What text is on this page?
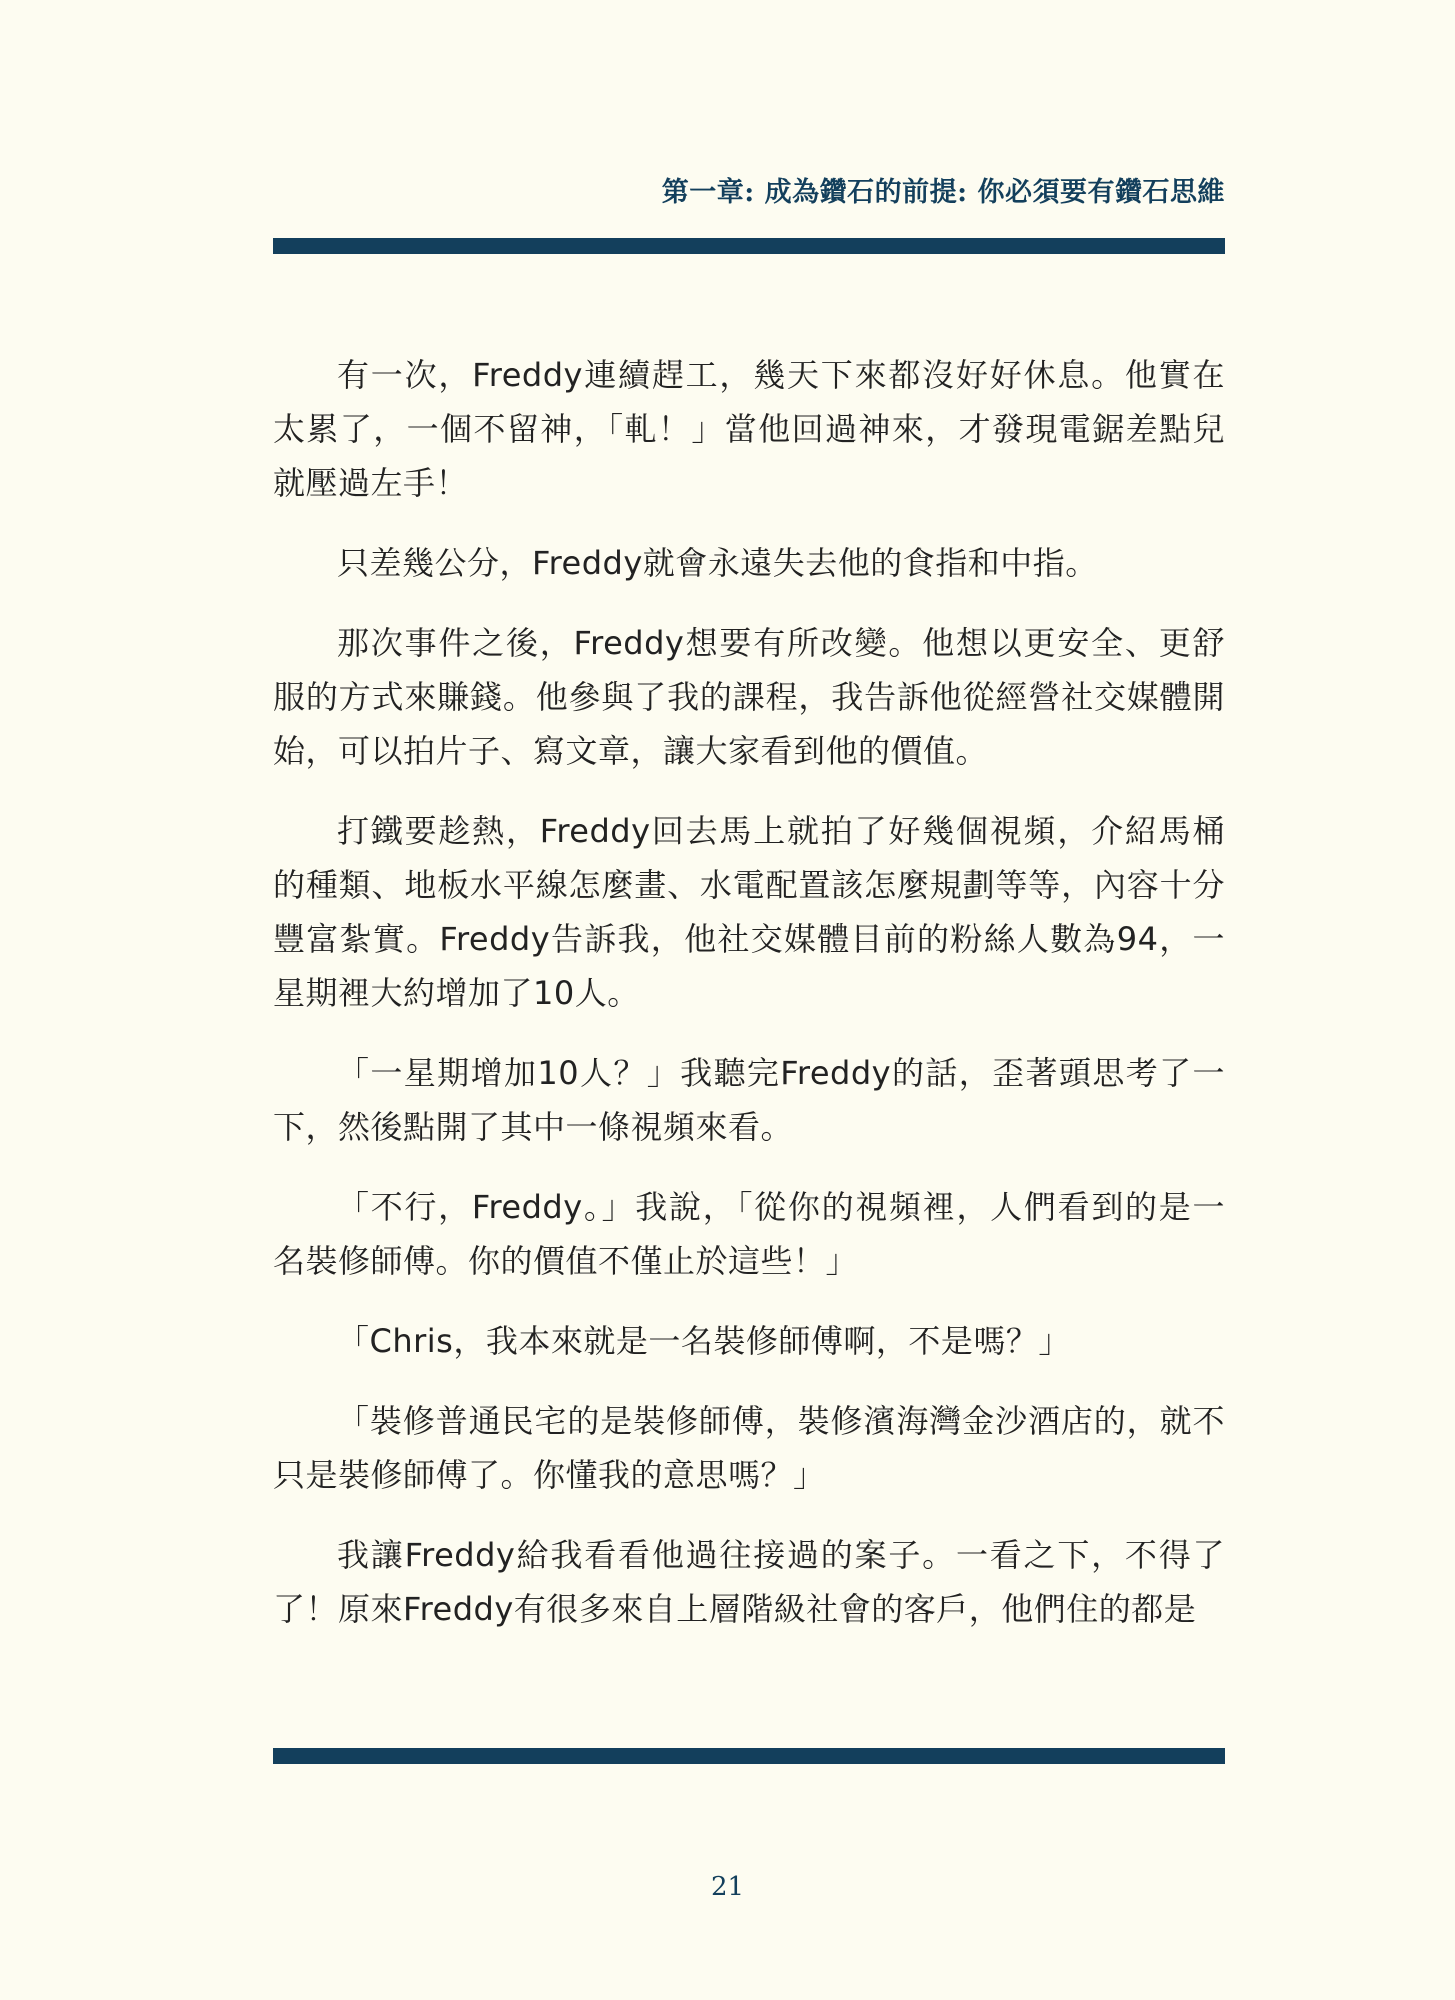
第一章: 成為鑽石的前提: 你必須要有鑽石思維

有一次，Freddy連續趕工，幾天下來都沒好好休息。他實在太累了，一個不留神，「軋！」當他回過神來，才發現電鋸差點兒就壓過左手！

只差幾公分，Freddy就會永遠失去他的食指和中指。

那次事件之後，Freddy想要有所改變。他想以更安全、更舒服的方式來賺錢。他參與了我的課程，我告訴他從經營社交媒體開始，可以拍片子、寫文章，讓大家看到他的價值。

打鐵要趁熱，Freddy回去馬上就拍了好幾個視頻，介紹馬桶的種類、地板水平線怎麼畫、水電配置該怎麼規劃等等，內容十分豐富紮實。Freddy告訴我，他社交媒體目前的粉絲人數為94，一星期裡大約增加了10人。

「一星期增加10人？」我聽完Freddy的話，歪著頭思考了一下，然後點開了其中一條視頻來看。

「不行，Freddy。」我說，「從你的視頻裡，人們看到的是一名裝修師傅。你的價值不僅止於這些！」

「Chris，我本來就是一名裝修師傅啊，不是嗎？」

「裝修普通民宅的是裝修師傅，裝修濱海灣金沙酒店的，就不只是裝修師傅了。你懂我的意思嗎？」

我讓Freddy給我看看他過往接過的案子。一看之下，不得了了！原來Freddy有很多來自上層階級社會的客戶，他們住的都是

21
